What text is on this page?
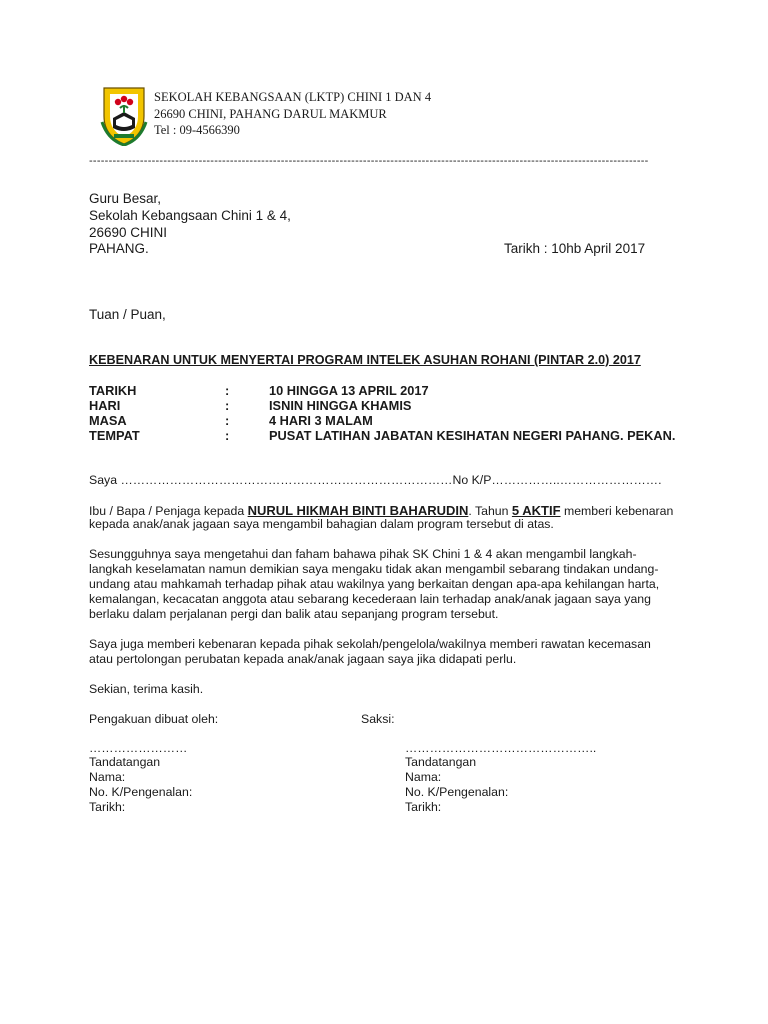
SEKOLAH KEBANGSAAN (LKTP) CHINI 1 DAN 4
26690 CHINI, PAHANG DARUL MAKMUR
Tel : 09-4566390
-----------------------------------------------------------------------------------------------------------------------------------------------
Guru Besar,
Sekolah Kebangsaan Chini 1 & 4,
26690 CHINI
PAHANG.	Tarikh : 10hb April 2017
Tuan / Puan,
KEBENARAN UNTUK MENYERTAI PROGRAM INTELEK ASUHAN ROHANI (PINTAR 2.0) 2017
TARIKH	:	10 HINGGA 13 APRIL 2017
HARI	:	ISNIN HINGGA KHAMIS
MASA	:	4 HARI 3 MALAM
TEMPAT	:	PUSAT LATIHAN JABATAN KESIHATAN NEGERI PAHANG. PEKAN.
Saya ………………………………………………………………………No K/P……………..…………………….
Ibu / Bapa / Penjaga kepada NURUL HIKMAH BINTI BAHARUDIN. Tahun 5 AKTIF memberi kebenaran
kepada anak/anak jagaan saya mengambil bahagian dalam program tersebut di atas.
Sesungguhnya saya mengetahui dan faham bahawa pihak SK Chini 1 & 4 akan mengambil langkah-
langkah keselamatan namun demikian saya mengaku tidak akan mengambil sebarang tindakan undang-
undang atau mahkamah terhadap pihak atau wakilnya yang berkaitan dengan apa-apa kehilangan harta,
kemalangan, kecacatan anggota atau sebarang kecederaan lain terhadap anak/anak jagaan saya yang
berlaku dalam perjalanan pergi dan balik atau sepanjang program tersebut.
Saya juga memberi kebenaran kepada pihak sekolah/pengelola/wakilnya memberi rawatan kecemasan
atau pertolongan perubatan kepada anak/anak jagaan saya jika didapati perlu.
Sekian, terima kasih.
Pengakuan dibuat oleh:	Saksi:
……………………
Tandatangan
Nama:
No. K/Pengenalan:
Tarikh:
………………………………………..
Tandatangan
Nama:
No. K/Pengenalan:
Tarikh:
